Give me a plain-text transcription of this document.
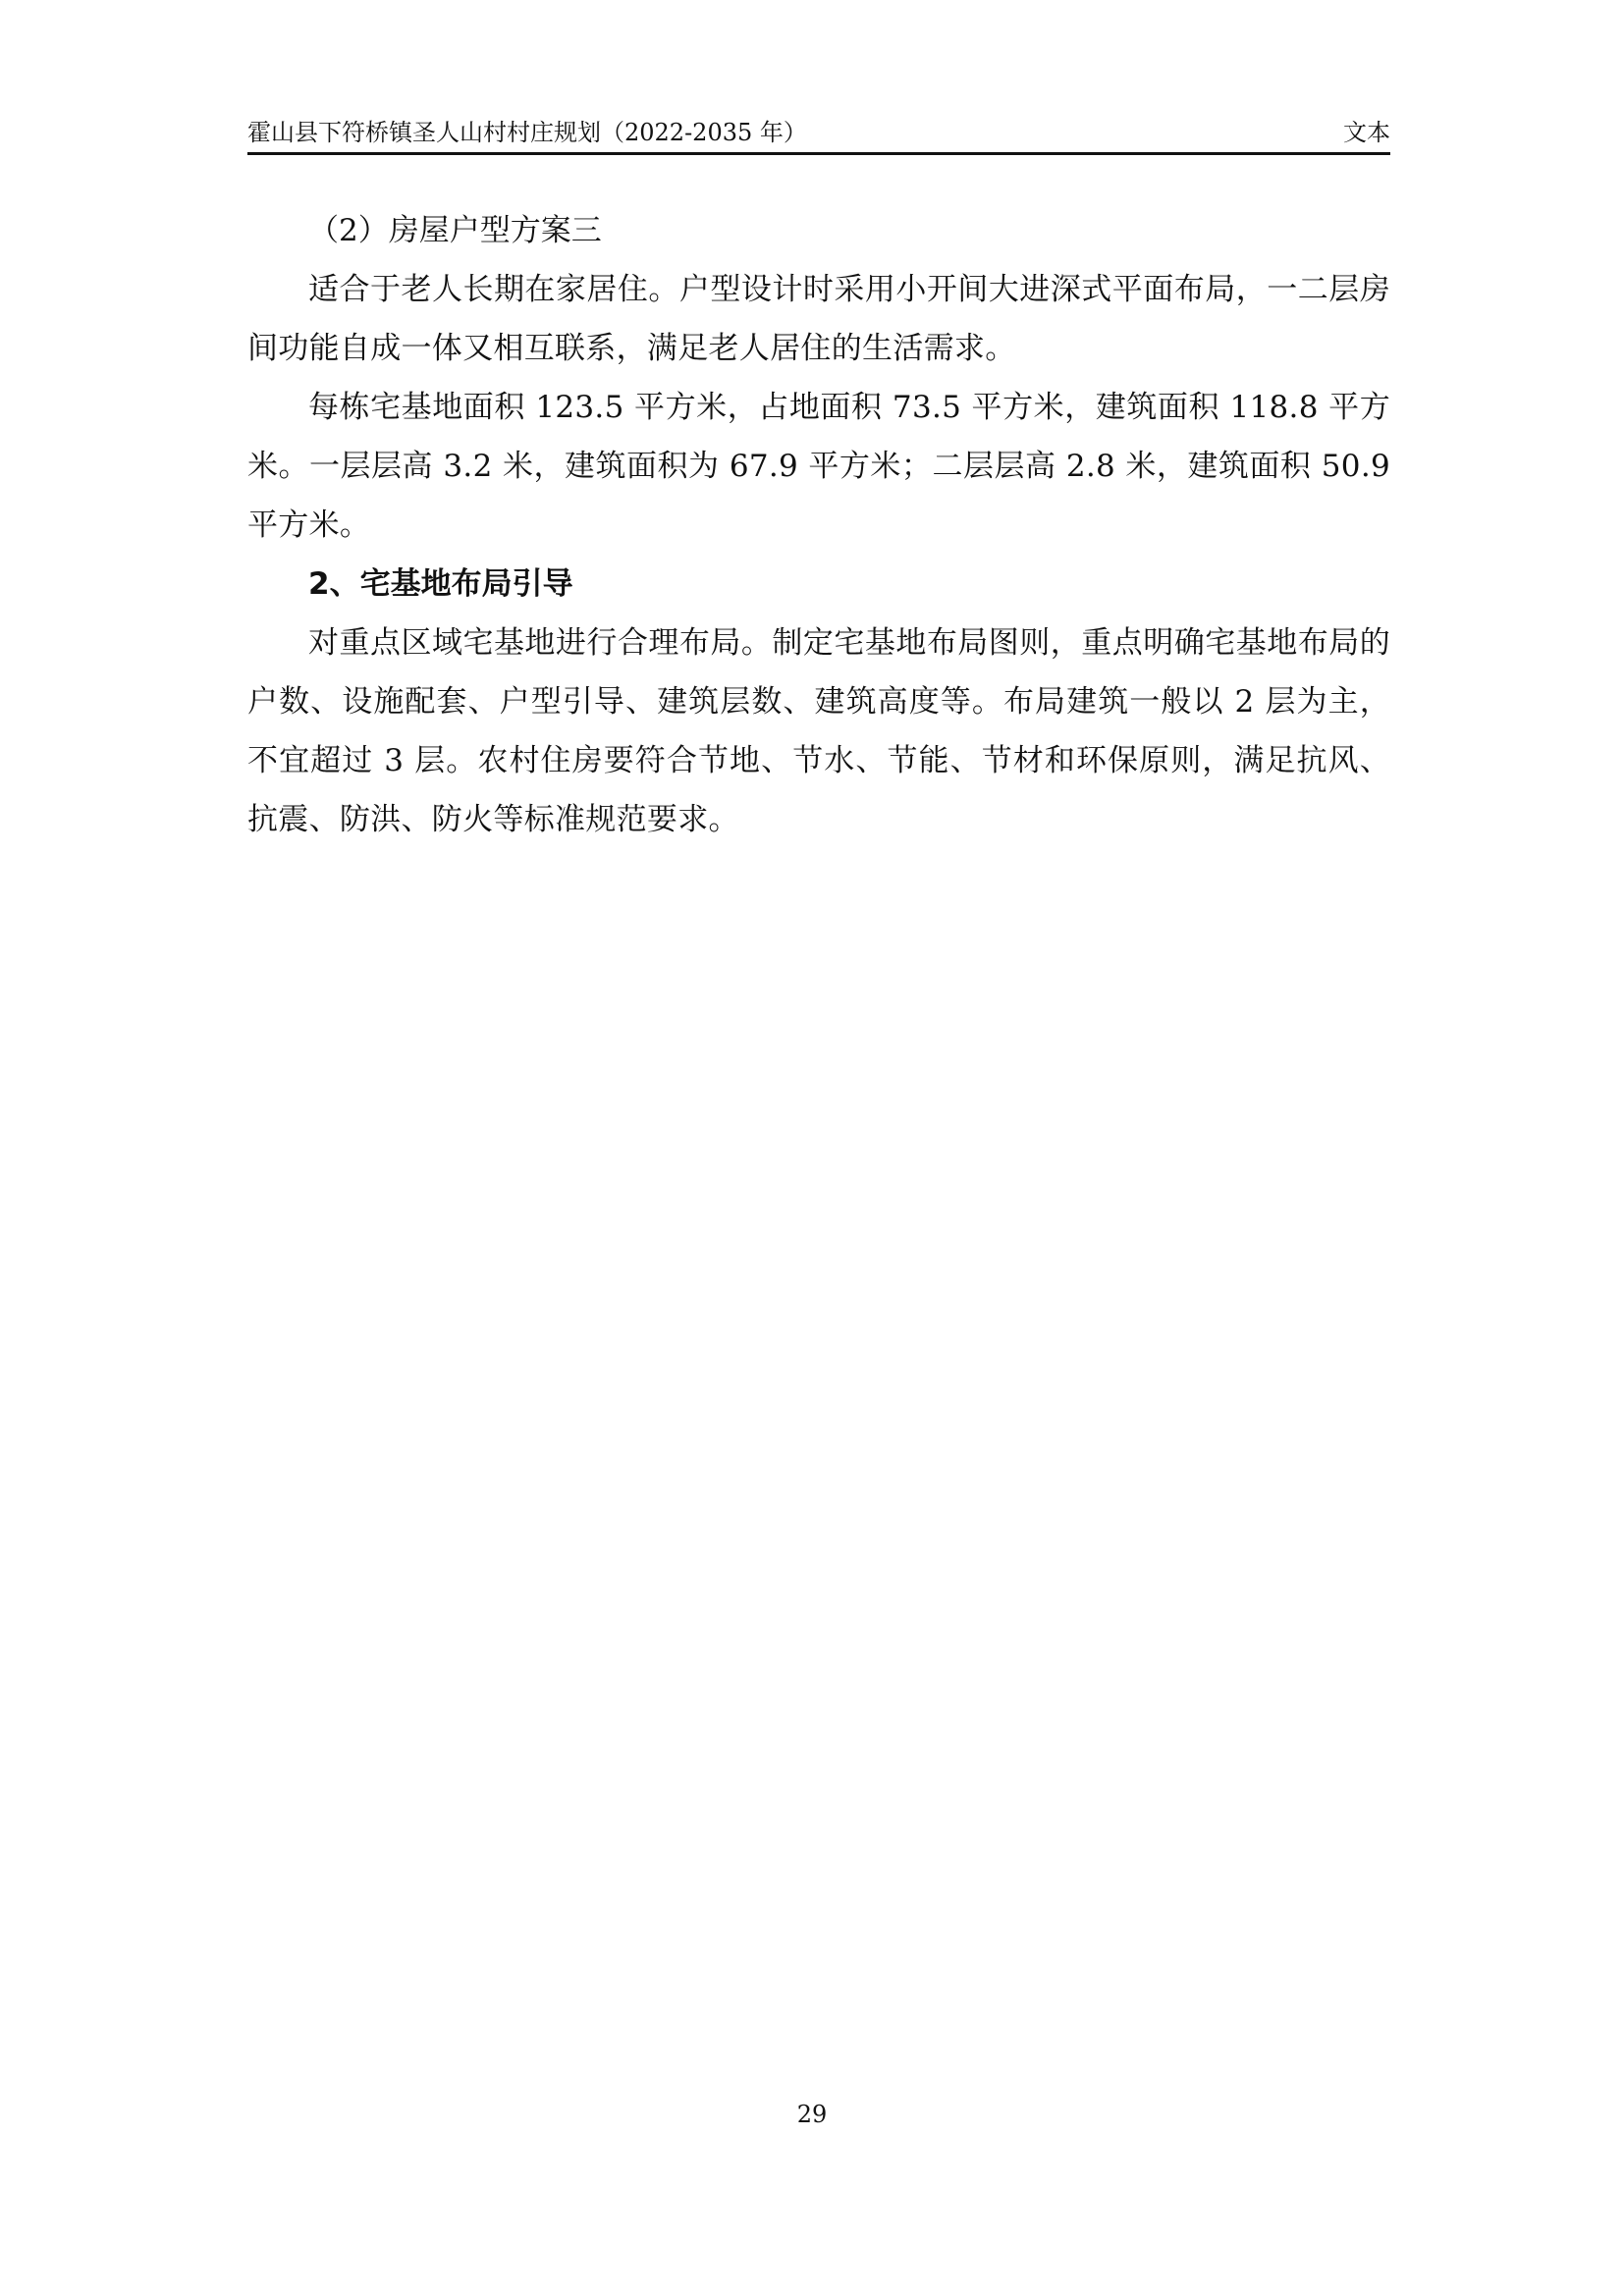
霍山县下符桥镇圣人山村村庄规划（2022-2035 年）	文本

（2）房屋户型方案三

适合于老人长期在家居住。户型设计时采用小开间大进深式平面布局，一二层房间功能自成一体又相互联系，满足老人居住的生活需求。

每栋宅基地面积 123.5 平方米，占地面积 73.5 平方米，建筑面积 118.8 平方米。一层层高 3.2 米，建筑面积为 67.9 平方米；二层层高 2.8 米，建筑面积 50.9 平方米。

2、宅基地布局引导

对重点区域宅基地进行合理布局。制定宅基地布局图则，重点明确宅基地布局的户数、设施配套、户型引导、建筑层数、建筑高度等。布局建筑一般以 2 层为主，不宜超过 3 层。农村住房要符合节地、节水、节能、节材和环保原则，满足抗风、抗震、防洪、防火等标准规范要求。

29
